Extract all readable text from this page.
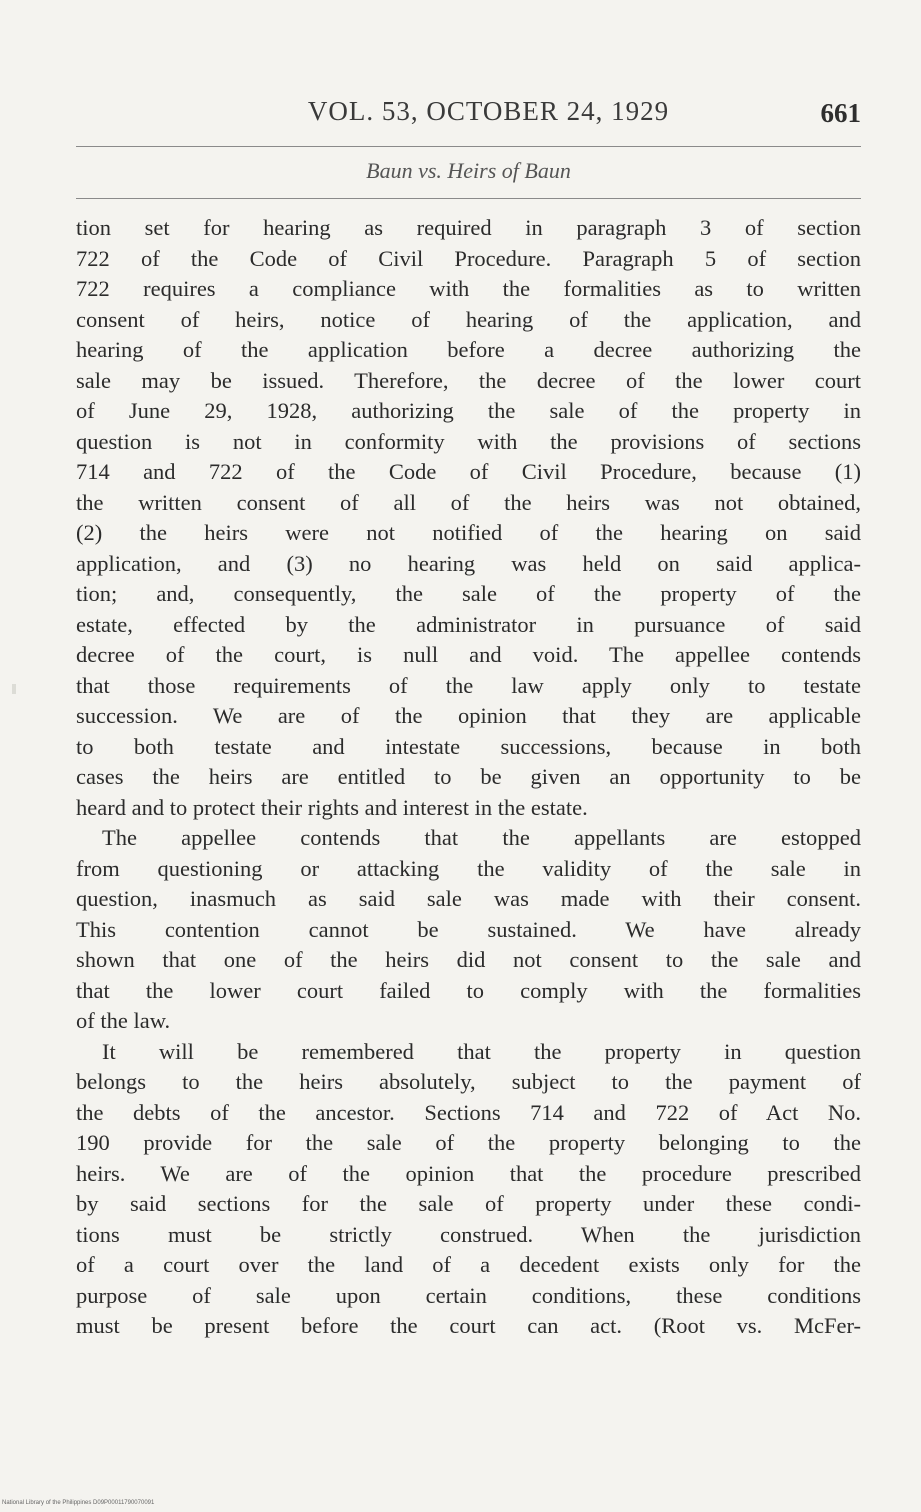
VOL. 53, OCTOBER 24, 1929	661
Baun vs. Heirs of Baun
tion set for hearing as required in paragraph 3 of section
722 of the Code of Civil Procedure. Paragraph 5 of section
722 requires a compliance with the formalities as to written
consent of heirs, notice of hearing of the application, and
hearing of the application before a decree authorizing the
sale may be issued. Therefore, the decree of the lower court
of June 29, 1928, authorizing the sale of the property in
question is not in conformity with the provisions of sections
714 and 722 of the Code of Civil Procedure, because (1)
the written consent of all of the heirs was not obtained,
(2) the heirs were not notified of the hearing on said
application, and (3) no hearing was held on said applica-
tion; and, consequently, the sale of the property of the
estate, effected by the administrator in pursuance of said
decree of the court, is null and void. The appellee contends
that those requirements of the law apply only to testate
succession. We are of the opinion that they are applicable
to both testate and intestate successions, because in both
cases the heirs are entitled to be given an opportunity to be
heard and to protect their rights and interest in the estate.
The appellee contends that the appellants are estopped
from questioning or attacking the validity of the sale in
question, inasmuch as said sale was made with their consent.
This contention cannot be sustained. We have already
shown that one of the heirs did not consent to the sale and
that the lower court failed to comply with the formalities
of the law.
It will be remembered that the property in question
belongs to the heirs absolutely, subject to the payment of
the debts of the ancestor. Sections 714 and 722 of Act No.
190 provide for the sale of the property belonging to the
heirs. We are of the opinion that the procedure prescribed
by said sections for the sale of property under these condi-
tions must be strictly construed. When the jurisdiction
of a court over the land of a decedent exists only for the
purpose of sale upon certain conditions, these conditions
must be present before the court can act. (Root vs. McFer-
National Library of the Philippines D09P00011790070091
